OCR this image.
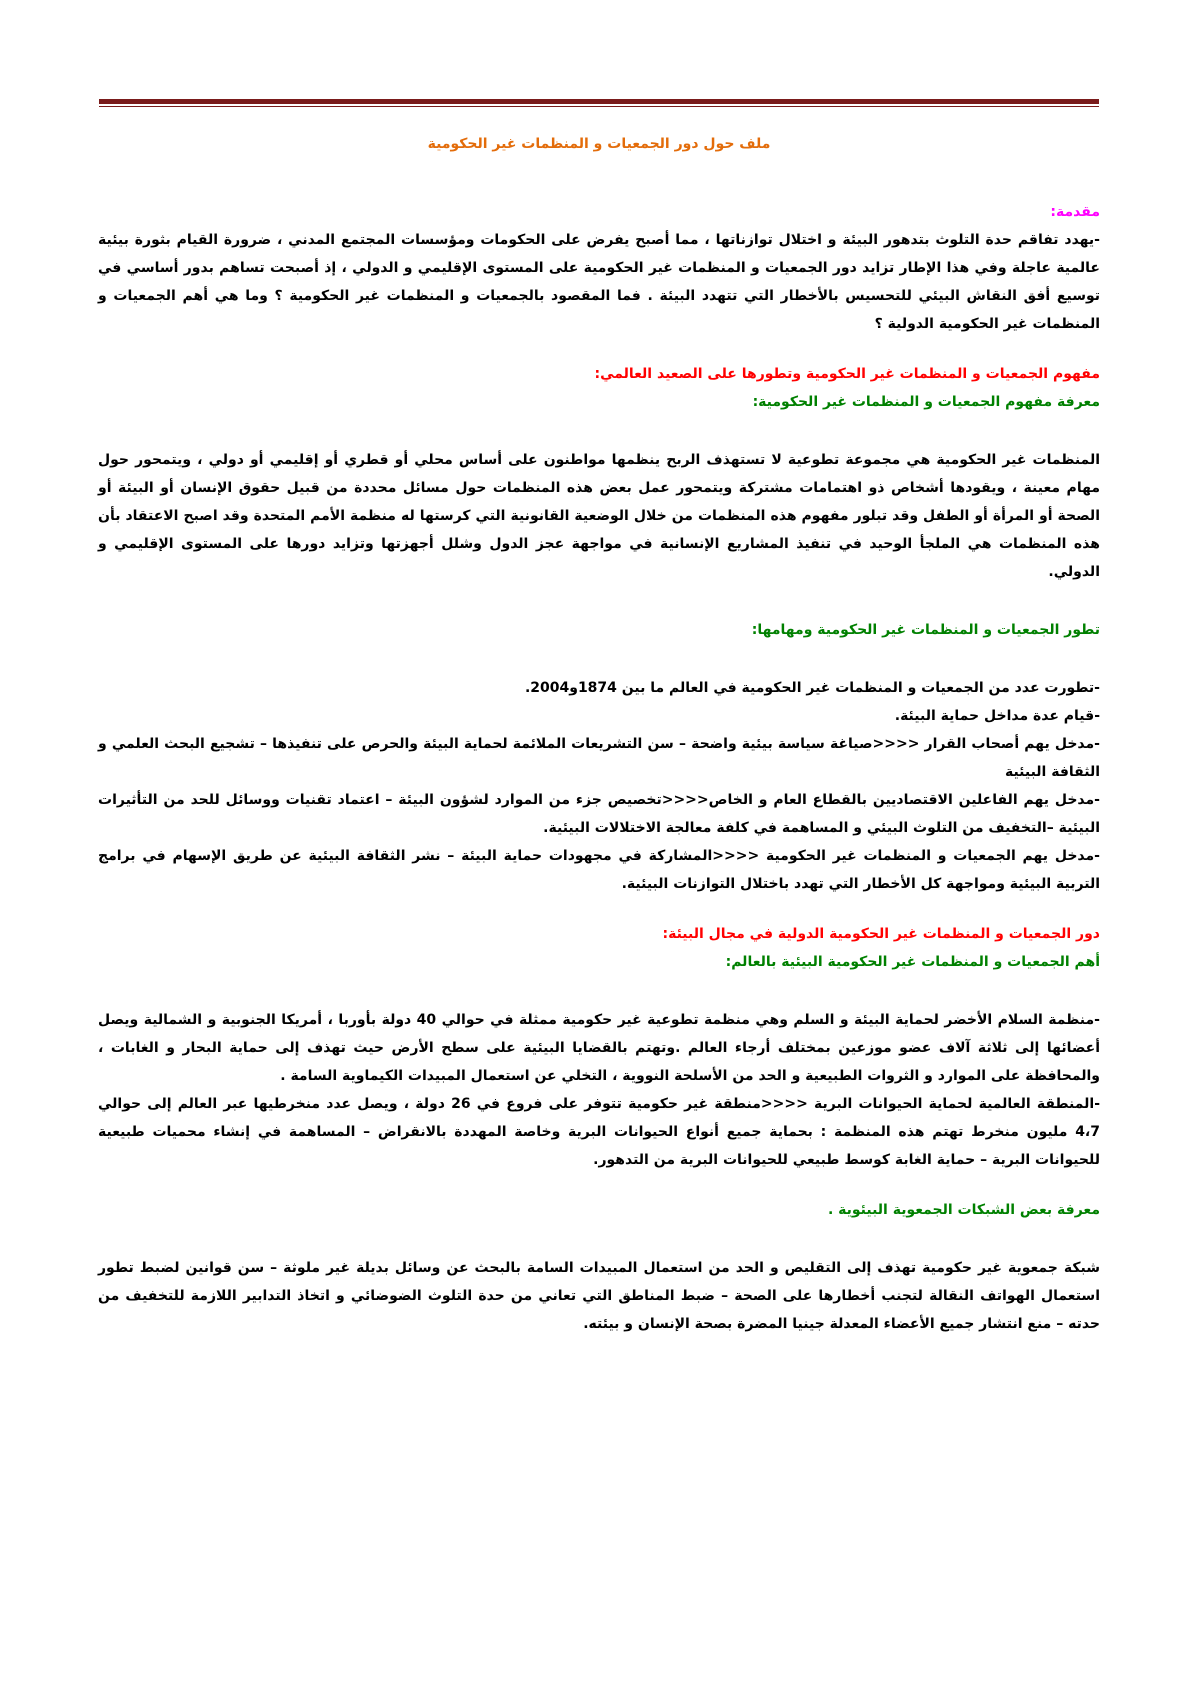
ملف حول دور الجمعيات و المنظمات غير الحكومية

مقدمة:

-يهدد تفاقم حدة التلوث بتدهور البيئة و اختلال توازناتها ، مما أصبح يفرض على الحكومات ومؤسسات المجتمع المدني ، ضرورة القيام بثورة بيئية عالمية عاجلة وفي هذا الإطار تزايد دور الجمعيات و المنظمات غير الحكومية على المستوى الإقليمي و الدولي ، إذ أصبحت تساهم بدور أساسي في توسيع أفق النقاش البيئي للتحسيس بالأخطار التي تتهدد البيئة . فما المقصود بالجمعيات و المنظمات غير الحكومية ؟ وما هي أهم الجمعيات و المنظمات غير الحكومية الدولية ؟

مفهوم الجمعيات و المنظمات غير الحكومية وتطورها على الصعيد العالمي:

معرفة مفهوم الجمعيات و المنظمات غير الحكومية:

المنظمات غير الحكومية هي مجموعة تطوعية لا تستهذف الربح ينظمها مواطنون على أساس محلي أو قطري أو إقليمي أو دولي ، ويتمحور حول مهام معينة ، ويقودها أشخاص ذو اهتمامات مشتركة ويتمحور عمل بعض هذه المنظمات حول مسائل محددة من قبيل حقوق الإنسان أو البيئة أو الصحة أو المرأة أو الطفل وقد تبلور مفهوم هذه المنظمات من خلال الوضعية القانونية التي كرستها له منظمة الأمم المتحدة وقد اصبح الاعتقاد بأن هذه المنظمات هي الملجأ الوحيد في تنفيذ المشاريع الإنسانية في مواجهة عجز الدول وشلل أجهزتها وتزايد دورها على المستوى الإقليمي و الدولي.

تطور الجمعيات و المنظمات غير الحكومية ومهامها:

-تطورت عدد من الجمعيات و المنظمات غير الحكومية في العالم ما بين 1874و2004.

-قيام عدة مداخل حماية البيئة.

-مدخل يهم أصحاب القرار <<<<صياغة سياسة بيئية واضحة – سن التشريعات الملائمة لحماية البيئة والحرص على تنفيذها – تشجيع البحث العلمي و الثقافة البيئية

-مدخل يهم الفاعلين الاقتصاديين بالقطاع العام و الخاص<<<<تخصيص جزء من الموارد لشؤون البيئة – اعتماد تقنيات ووسائل للحد من التأثيرات البيئية –التخفيف من التلوث البيئي و المساهمة في كلفة معالجة الاختلالات البيئية.

-مدخل يهم الجمعيات و المنظمات غير الحكومية <<<<المشاركة في مجهودات حماية البيئة – نشر الثقافة البيئية عن طريق الإسهام في برامج التربية البيئية ومواجهة كل الأخطار التي تهدد باختلال التوازنات البيئية.

دور الجمعيات و المنظمات غير الحكومية الدولية في مجال البيئة:

أهم الجمعيات و المنظمات غير الحكومية البيئية بالعالم:

-منظمة السلام الأخضر لحماية البيئة و السلم وهي منظمة تطوعية غير حكومية ممثلة في حوالي 40 دولة بأوربا ، أمريكا الجنوبية و الشمالية ويصل أعضائها إلى ثلاثة آلاف عضو موزعين بمختلف أرجاء العالم .وتهتم بالقضايا البيئية على سطح الأرض حيث تهذف إلى حماية البحار و الغابات ، والمحافظة على الموارد و الثروات الطبيعية و الحد من الأسلحة النووية ، التخلي عن استعمال المبيدات الكيماوية السامة .

-المنطقة العالمية لحماية الحيوانات البرية <<<<منطقة غير حكومية تتوفر على فروع في 26 دولة ، ويصل عدد منخرطيها عبر العالم إلى حوالي 4،7 مليون منخرط تهتم هذه المنظمة : بحماية جميع أنواع الحيوانات البرية وخاصة المهددة بالانقراض – المساهمة في إنشاء محميات طبيعية للحيوانات البرية – حماية الغابة كوسط طبيعي للحيوانات البرية من التدهور.

معرفة بعض الشبكات الجمعوية البيئوية .

شبكة جمعوية غير حكومية تهذف إلى التقليص و الحد من استعمال المبيدات السامة بالبحث عن وسائل بديلة غير ملوثة – سن قوانين لضبط تطور استعمال الهواتف النقالة لتجنب أخطارها على الصحة – ضبط المناطق التي تعاني من حدة التلوث الضوضائي و اتخاذ التدابير اللازمة للتخفيف من حدته – منع انتشار جميع الأعضاء المعدلة جينيا المضرة بصحة الإنسان و بيئته.
